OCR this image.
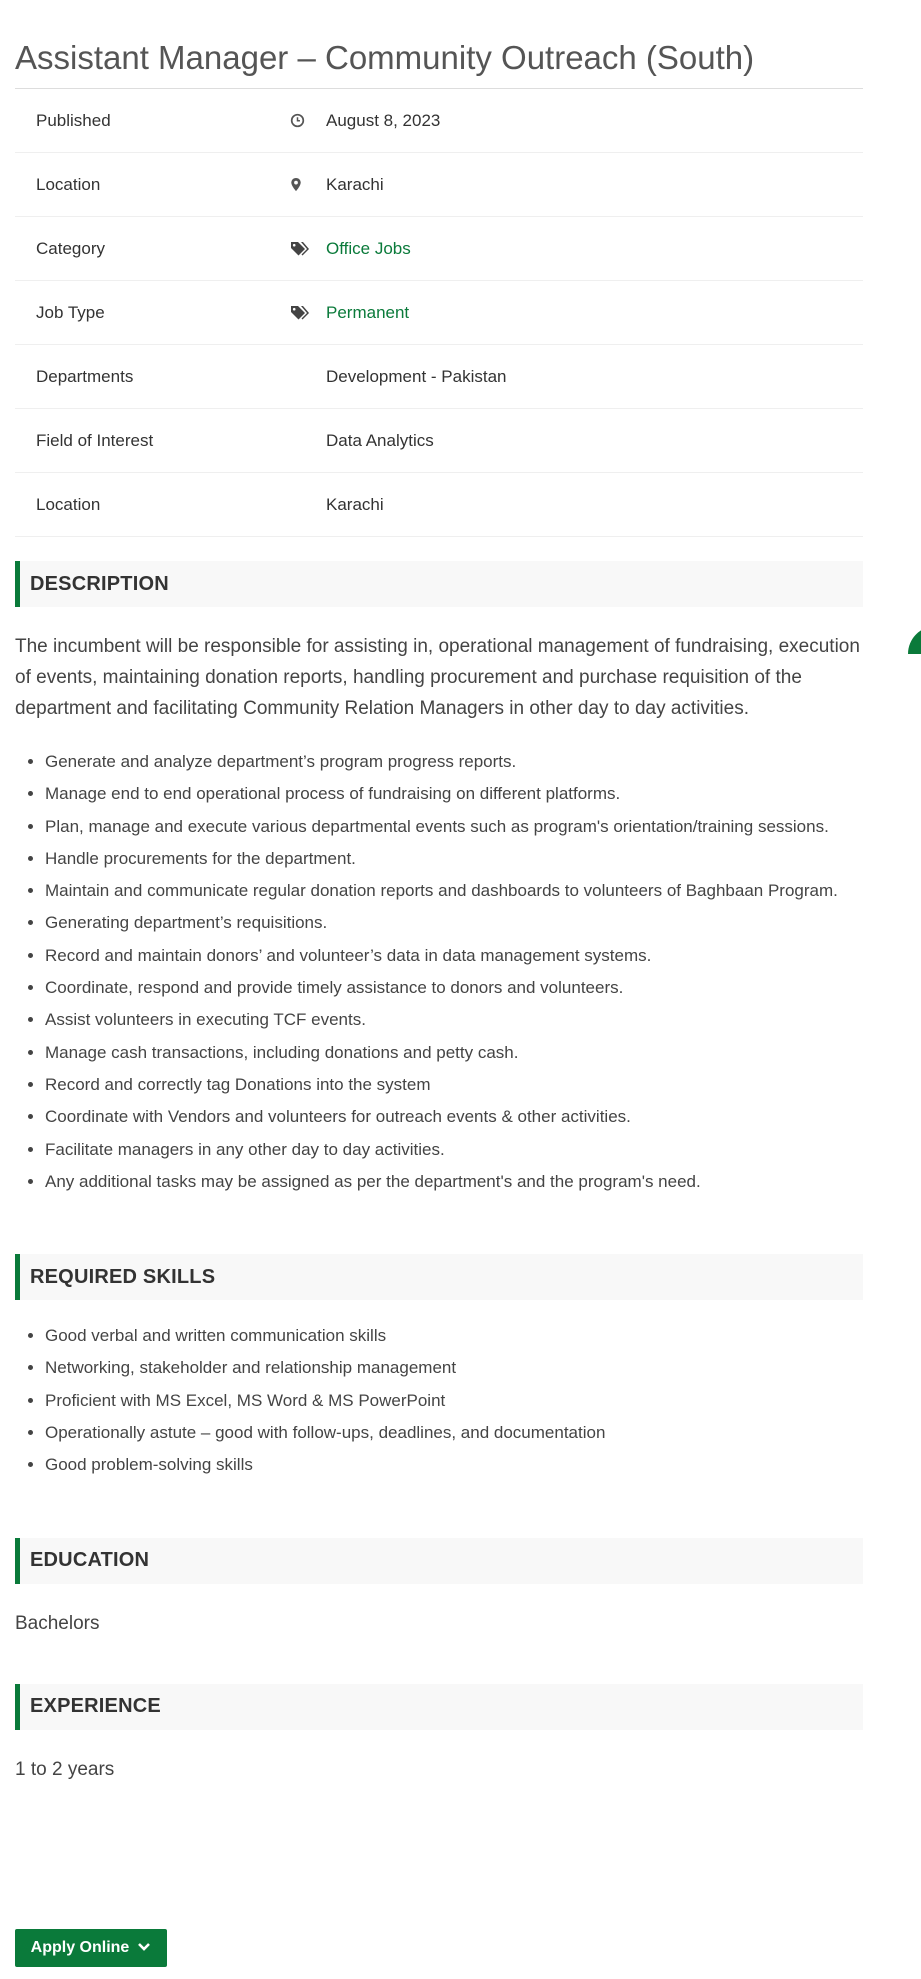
Assistant Manager – Community Outreach (South)
Published	August 8, 2023
Location	Karachi
Category	Office Jobs
Job Type	Permanent
Departments	Development - Pakistan
Field of Interest	Data Analytics
Location	Karachi
DESCRIPTION

The incumbent will be responsible for assisting in, operational management of fundraising, execution of events, maintaining donation reports, handling procurement and purchase requisition of the department and facilitating Community Relation Managers in other day to day activities.

• Generate and analyze department’s program progress reports.
• Manage end to end operational process of fundraising on different platforms.
• Plan, manage and execute various departmental events such as program's orientation/training sessions.
• Handle procurements for the department.
• Maintain and communicate regular donation reports and dashboards to volunteers of Baghbaan Program.
• Generating department’s requisitions.
• Record and maintain donors’ and volunteer’s data in data management systems.
• Coordinate, respond and provide timely assistance to donors and volunteers.
• Assist volunteers in executing TCF events.
• Manage cash transactions, including donations and petty cash.
• Record and correctly tag Donations into the system
• Coordinate with Vendors and volunteers for outreach events & other activities.
• Facilitate managers in any other day to day activities.
• Any additional tasks may be assigned as per the department's and the program's need.
REQUIRED SKILLS
• Good verbal and written communication skills
• Networking, stakeholder and relationship management
• Proficient with MS Excel, MS Word & MS PowerPoint
• Operationally astute – good with follow-ups, deadlines, and documentation
• Good problem-solving skills
EDUCATION

Bachelors

EXPERIENCE

1 to 2 years

Apply Online
